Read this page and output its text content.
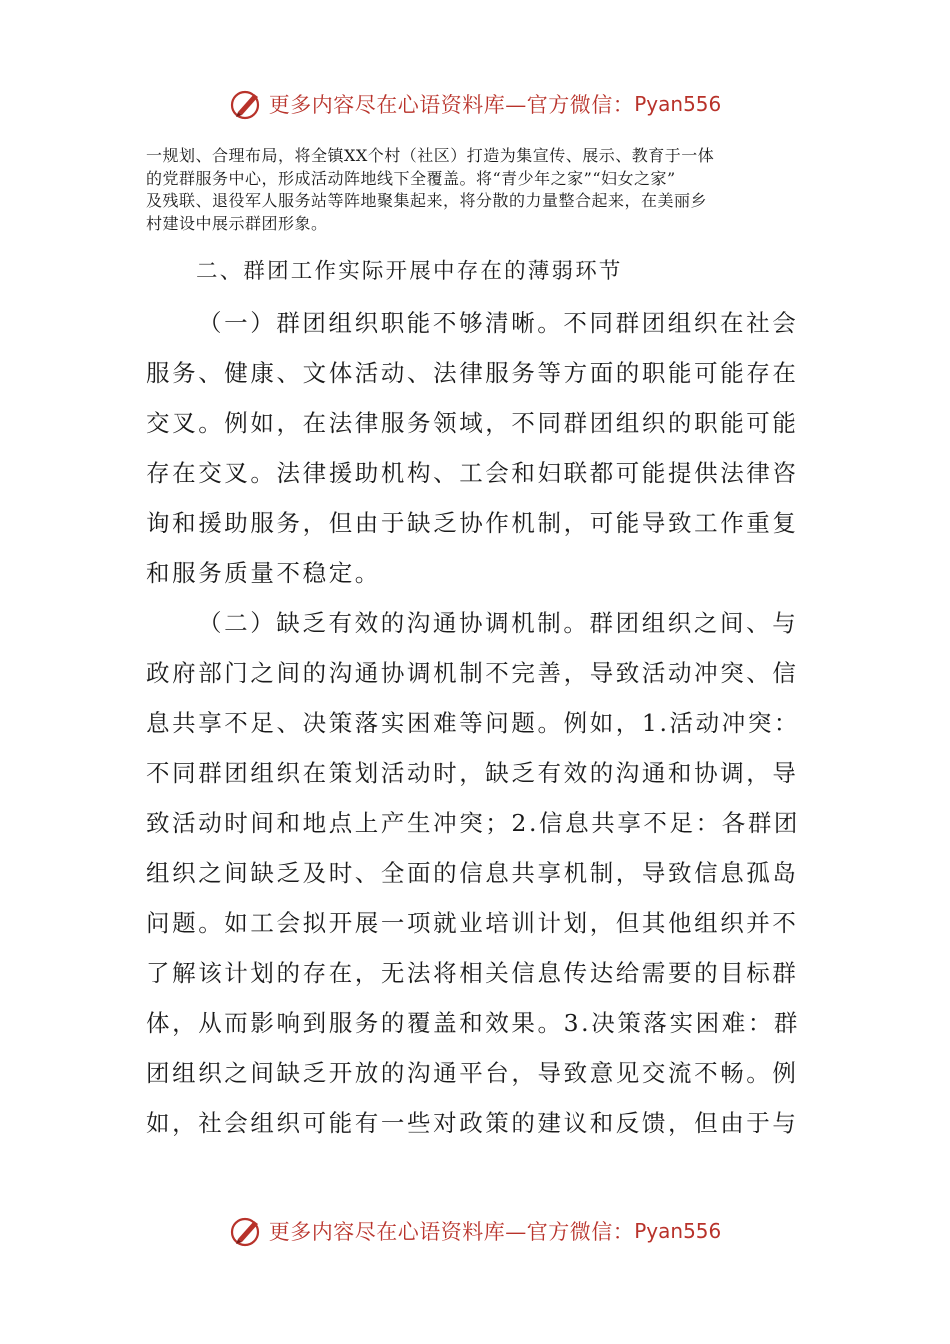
更多内容尽在心语资料库—官方微信： Pyan556
一规划、合理布局，将全镇XX个村（社区）打造为集宣传、展示、教育于一体
的党群服务中心，形成活动阵地线下全覆盖。将“青少年之家”“妇女之家”
及残联、退役军人服务站等阵地聚集起来，将分散的力量整合起来，在美丽乡
村建设中展示群团形象。
二、群团工作实际开展中存在的薄弱环节
（一）群团组织职能不够清晰。不同群团组织在社会
服务、健康、文体活动、法律服务等方面的职能可能存在
交叉。例如，在法律服务领域，不同群团组织的职能可能
存在交叉。法律援助机构、工会和妇联都可能提供法律咨
询和援助服务，但由于缺乏协作机制，可能导致工作重复
和服务质量不稳定。
（二）缺乏有效的沟通协调机制。群团组织之间、与
政府部门之间的沟通协调机制不完善，导致活动冲突、信
息共享不足、决策落实困难等问题。例如，1.活动冲突：
不同群团组织在策划活动时，缺乏有效的沟通和协调，导
致活动时间和地点上产生冲突；2.信息共享不足：各群团
组织之间缺乏及时、全面的信息共享机制，导致信息孤岛
问题。如工会拟开展一项就业培训计划，但其他组织并不
了解该计划的存在，无法将相关信息传达给需要的目标群
体，从而影响到服务的覆盖和效果。3.决策落实困难：群
团组织之间缺乏开放的沟通平台，导致意见交流不畅。例
如，社会组织可能有一些对政策的建议和反馈，但由于与
更多内容尽在心语资料库—官方微信： Pyan556
